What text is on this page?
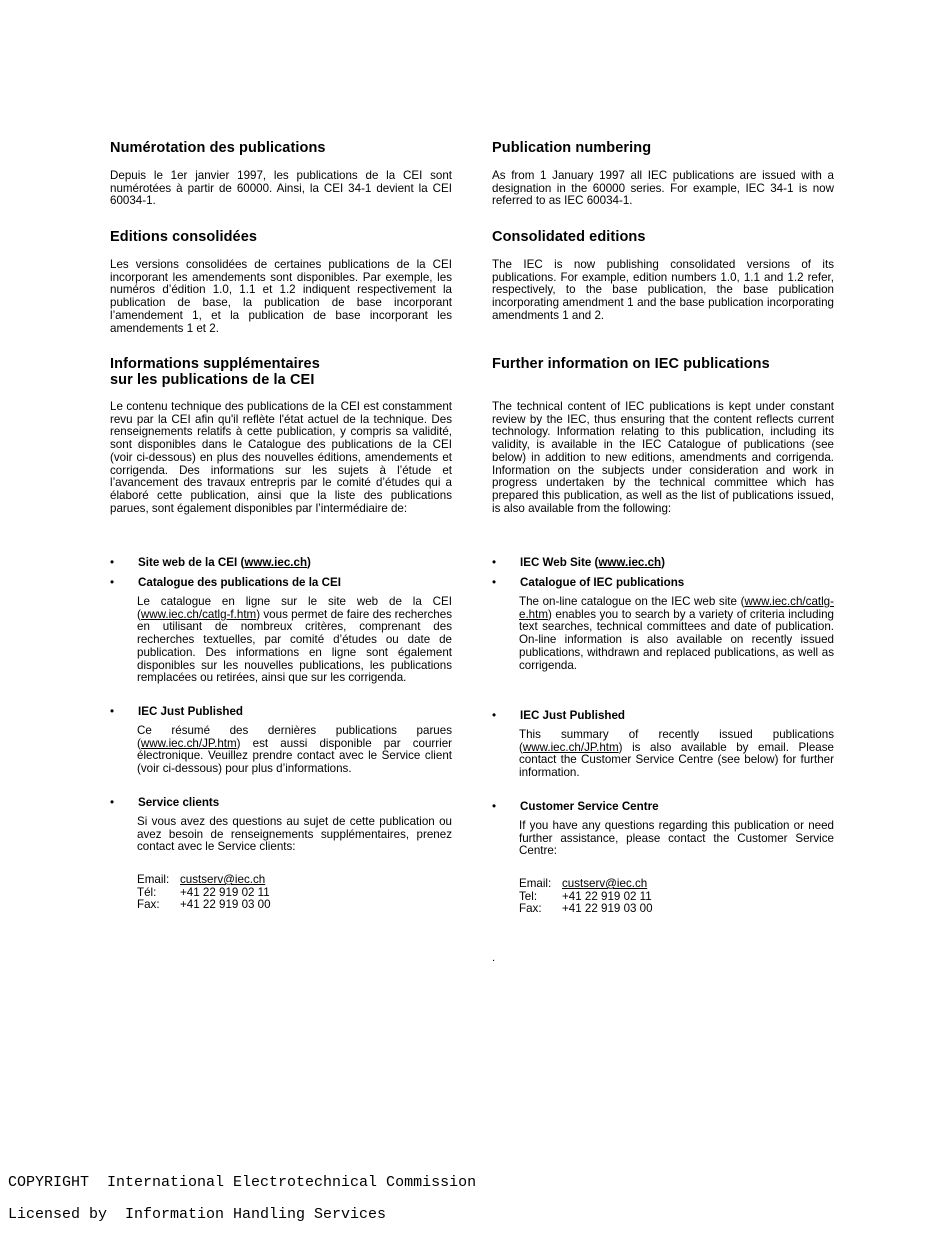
Numérotation des publications

Depuis le 1er janvier 1997, les publications de la CEI sont numérotées à partir de 60000. Ainsi, la CEI 34-1 devient la CEI 60034-1.

Editions consolidées

Les versions consolidées de certaines publications de la CEI incorporant les amendements sont disponibles. Par exemple, les numéros d’édition 1.0, 1.1 et 1.2 indiquent respectivement la publication de base, la publication de base incorporant l’amendement 1, et la publication de base incorporant les amendements 1 et 2.

Informations supplémentaires
sur les publications de la CEI

Le contenu technique des publications de la CEI est constamment revu par la CEI afin qu'il reflète l'état actuel de la technique. Des renseignements relatifs à cette publication, y compris sa validité, sont disponibles dans le Catalogue des publications de la CEI (voir ci-dessous) en plus des nouvelles éditions, amendements et corrigenda. Des informations sur les sujets à l’étude et l’avancement des travaux entrepris par le comité d’études qui a élaboré cette publication, ainsi que la liste des publications parues, sont également disponibles par l’intermédiaire de:

• Site web de la CEI (www.iec.ch)
• Catalogue des publications de la CEI

Le catalogue en ligne sur le site web de la CEI (www.iec.ch/catlg-f.htm) vous permet de faire des recherches en utilisant de nombreux critères, comprenant des recherches textuelles, par comité d’études ou date de publication. Des informations en ligne sont également disponibles sur les nouvelles publications, les publications remplacées ou retirées, ainsi que sur les corrigenda.

• IEC Just Published

Ce résumé des dernières publications parues (www.iec.ch/JP.htm) est aussi disponible par courrier électronique. Veuillez prendre contact avec le Service client (voir ci-dessous) pour plus d’informations.

• Service clients

Si vous avez des questions au sujet de cette publication ou avez besoin de renseignements supplémentaires, prenez contact avec le Service clients:

Email: custserv@iec.ch
Tél: +41 22 919 02 11
Fax: +41 22 919 03 00
Publication numbering

As from 1 January 1997 all IEC publications are issued with a designation in the 60000 series. For example, IEC 34-1 is now referred to as IEC 60034-1.

Consolidated editions

The IEC is now publishing consolidated versions of its publications. For example, edition numbers 1.0, 1.1 and 1.2 refer, respectively, to the base publication, the base publication incorporating amendment 1 and the base publication incorporating amendments 1 and 2.

Further information on IEC publications

The technical content of IEC publications is kept under constant review by the IEC, thus ensuring that the content reflects current technology. Information relating to this publication, including its validity, is available in the IEC Catalogue of publications (see below) in addition to new editions, amendments and corrigenda. Information on the subjects under consideration and work in progress undertaken by the technical committee which has prepared this publication, as well as the list of publications issued, is also available from the following:

• IEC Web Site (www.iec.ch)
• Catalogue of IEC publications

The on-line catalogue on the IEC web site (www.iec.ch/catlg-e.htm) enables you to search by a variety of criteria including text searches, technical committees and date of publication. On-line information is also available on recently issued publications, withdrawn and replaced publications, as well as corrigenda.

• IEC Just Published

This summary of recently issued publications (www.iec.ch/JP.htm) is also available by email. Please contact the Customer Service Centre (see below) for further information.

• Customer Service Centre

If you have any questions regarding this publication or need further assistance, please contact the Customer Service Centre:

Email: custserv@iec.ch
Tel: +41 22 919 02 11
Fax: +41 22 919 03 00
.
COPYRIGHT  International Electrotechnical Commission
Licensed by  Information Handling Services
